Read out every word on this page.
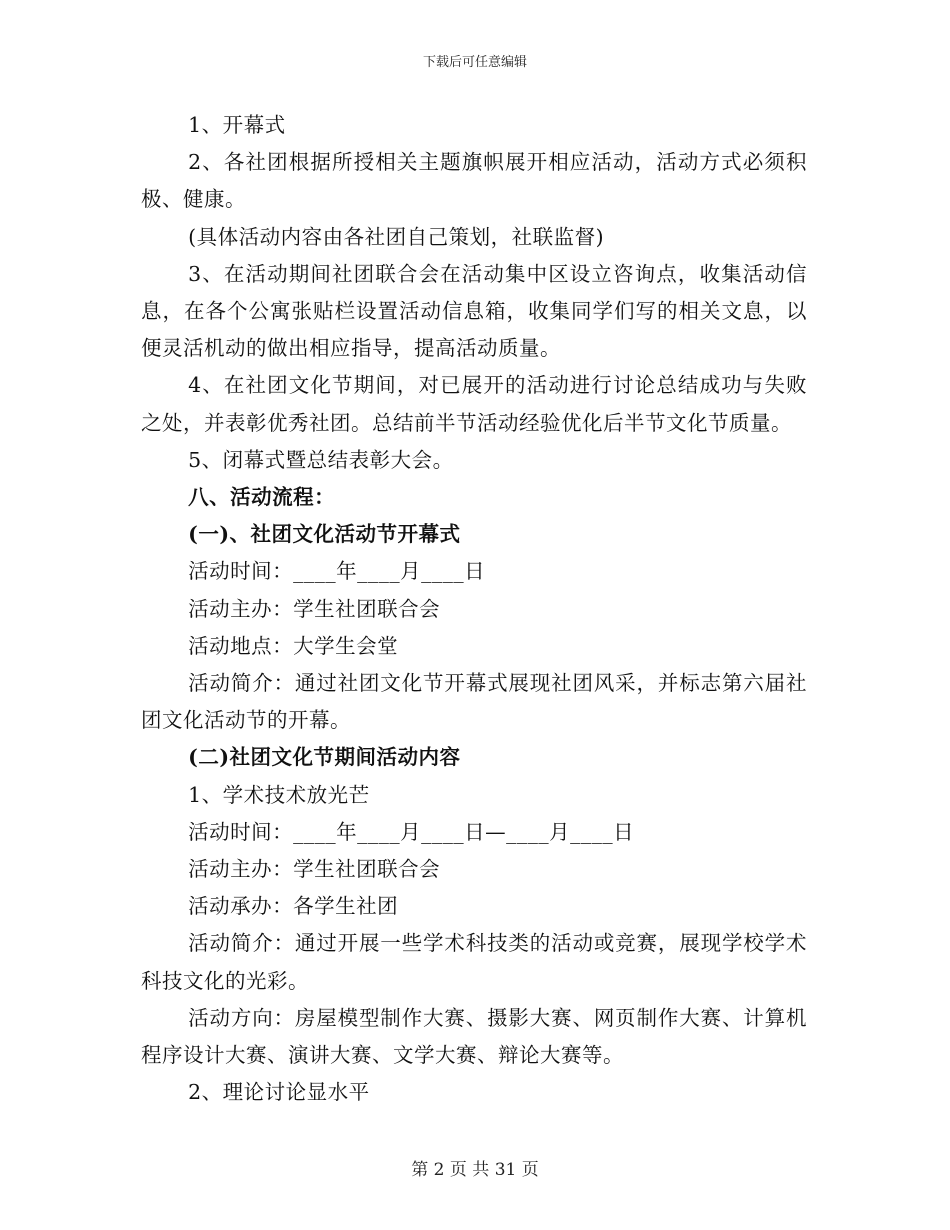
下载后可任意编辑

1、开幕式

2、各社团根据所授相关主题旗帜展开相应活动，活动方式必须积极、健康。

(具体活动内容由各社团自己策划，社联监督)

3、在活动期间社团联合会在活动集中区设立咨询点，收集活动信息，在各个公寓张贴栏设置活动信息箱，收集同学们写的相关文息，以便灵活机动的做出相应指导，提高活动质量。

4、在社团文化节期间，对已展开的活动进行讨论总结成功与失败之处，并表彰优秀社团。总结前半节活动经验优化后半节文化节质量。

5、闭幕式暨总结表彰大会。

八、活动流程：

(一)、社团文化活动节开幕式

活动时间：____年____月____日

活动主办：学生社团联合会

活动地点：大学生会堂

活动简介：通过社团文化节开幕式展现社团风采，并标志第六届社团文化活动节的开幕。

(二)社团文化节期间活动内容

1、学术技术放光芒

活动时间：____年____月____日—____月____日

活动主办：学生社团联合会

活动承办：各学生社团

活动简介：通过开展一些学术科技类的活动或竞赛，展现学校学术科技文化的光彩。

活动方向：房屋模型制作大赛、摄影大赛、网页制作大赛、计算机程序设计大赛、演讲大赛、文学大赛、辩论大赛等。

2、理论讨论显水平

第 2 页 共 31 页
